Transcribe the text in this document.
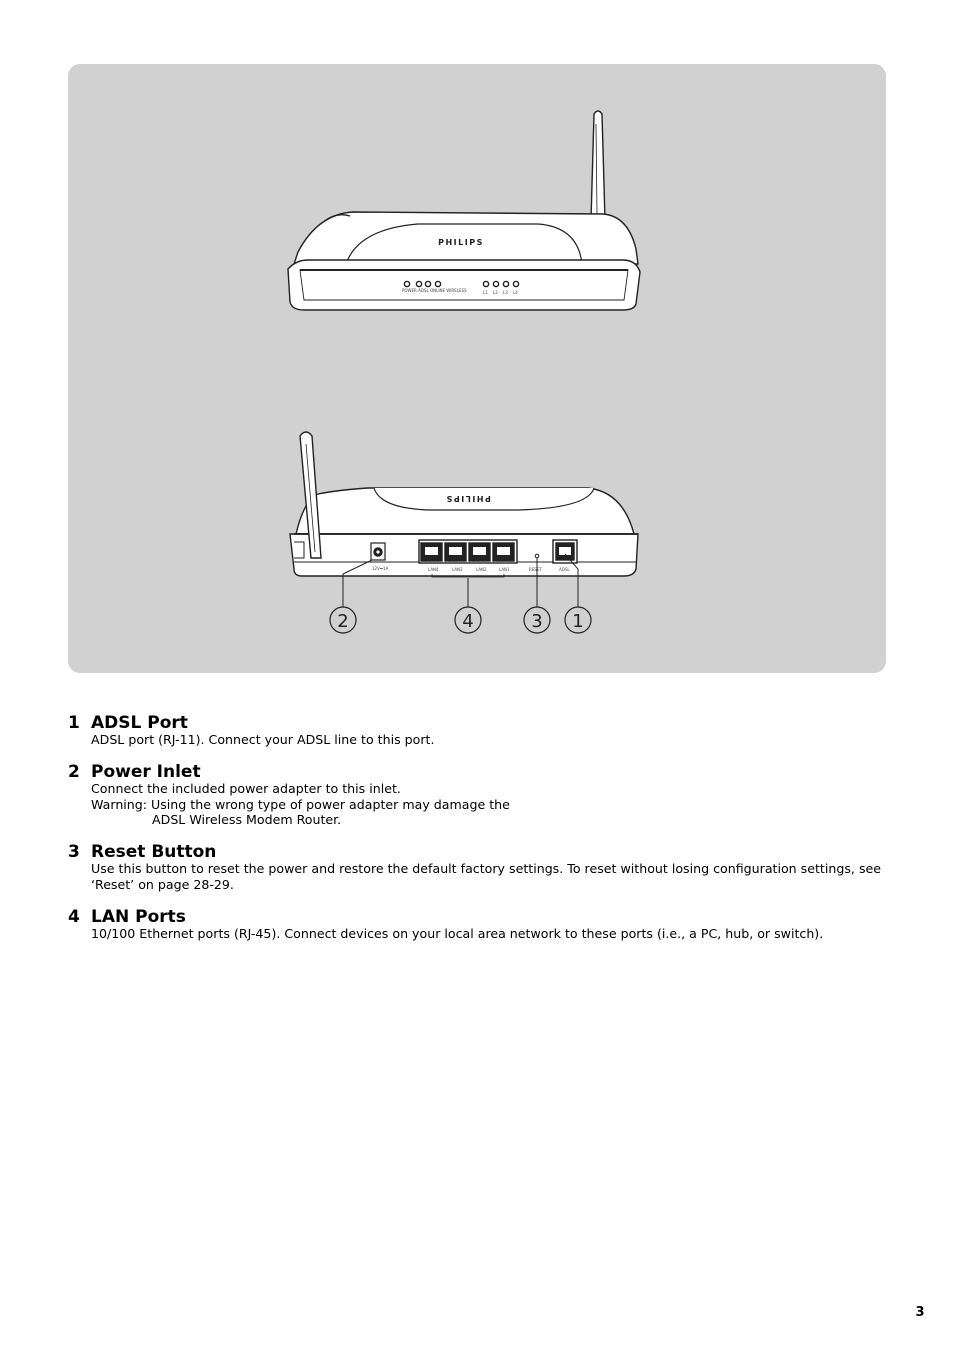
POWER ADSL ONLINE WIRELESS	L1 L2 L3 L4
PHILIPS
PHILIPS
12V⎓1A	LAN4	LAN3	LAN2	LAN1	RESET	ADSL
2	4	3 1
1 ADSL Port
ADSL port (RJ-11). Connect your ADSL line to this port.
2 Power Inlet
Connect the included power adapter to this inlet.
Warning: Using the wrong type of power adapter may damage the
ADSL Wireless Modem Router.
3 Reset Button
Use this button to reset the power and restore the default factory settings. To reset without losing configuration settings, see ‘Reset’ on page 28-29.
4 LAN Ports
10/100 Ethernet ports (RJ-45). Connect devices on your local area network to these ports (i.e., a PC, hub, or switch).
3
